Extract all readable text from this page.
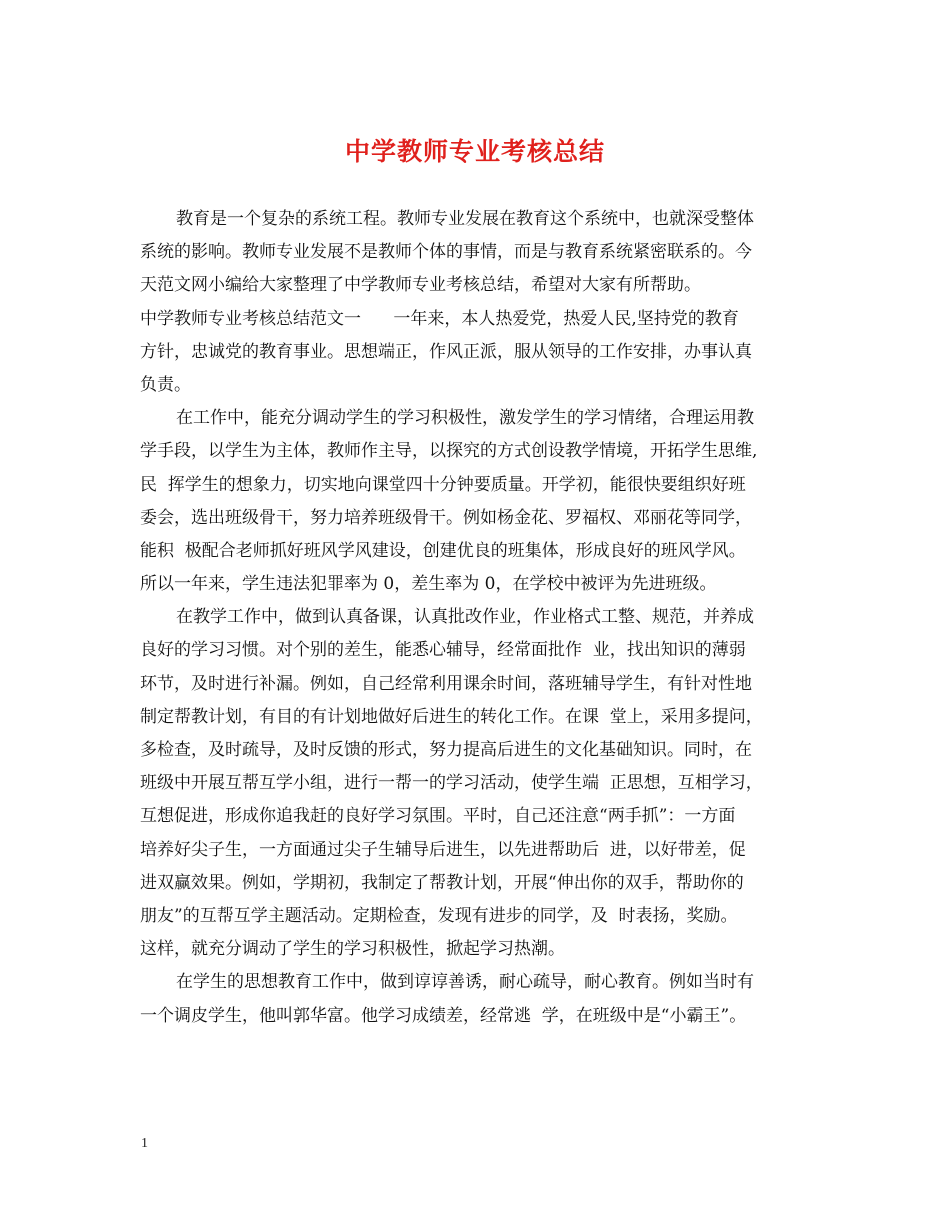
中学教师专业考核总结
教育是一个复杂的系统工程。教师专业发展在教育这个系统中，也就深受整体
系统的影响。教师专业发展不是教师个体的事情，而是与教育系统紧密联系的。今
天范文网小编给大家整理了中学教师专业考核总结，希望对大家有所帮助。
中学教师专业考核总结范文一      一年来，本人热爱党，热爱人民,坚持党的教育
方针，忠诚党的教育事业。思想端正，作风正派，服从领导的工作安排，办事认真
负责。
在工作中，能充分调动学生的学习积极性，激发学生的学习情绪，合理运用教
学手段，以学生为主体，教师作主导，以探究的方式创设教学情境，开拓学生思维,
民  挥学生的想象力，切实地向课堂四十分钟要质量。开学初，能很快要组织好班
委会，选出班级骨干，努力培养班级骨干。例如杨金花、罗福权、邓丽花等同学，
能积  极配合老师抓好班风学风建设，创建优良的班集体，形成良好的班风学风。
所以一年来，学生违法犯罪率为 0，差生率为 0，在学校中被评为先进班级。
在教学工作中，做到认真备课，认真批改作业，作业格式工整、规范，并养成
良好的学习习惯。对个别的差生，能悉心辅导，经常面批作  业，找出知识的薄弱
环节，及时进行补漏。例如，自己经常利用课余时间，落班辅导学生，有针对性地
制定帮教计划，有目的有计划地做好后进生的转化工作。在课  堂上，采用多提问，
多检查，及时疏导，及时反馈的形式，努力提高后进生的文化基础知识。同时，在
班级中开展互帮互学小组，进行一帮一的学习活动，使学生端  正思想，互相学习，
互想促进，形成你追我赶的良好学习氛围。平时，自己还注意“两手抓”：一方面
培养好尖子生，一方面通过尖子生辅导后进生，以先进帮助后  进，以好带差，促
进双赢效果。例如，学期初，我制定了帮教计划，开展“伸出你的双手，帮助你的
朋友”的互帮互学主题活动。定期检查，发现有进步的同学，及  时表扬，奖励。
这样，就充分调动了学生的学习积极性，掀起学习热潮。
在学生的思想教育工作中，做到谆谆善诱，耐心疏导，耐心教育。例如当时有
一个调皮学生，他叫郭华富。他学习成绩差，经常逃  学，在班级中是“小霸王”。
1
